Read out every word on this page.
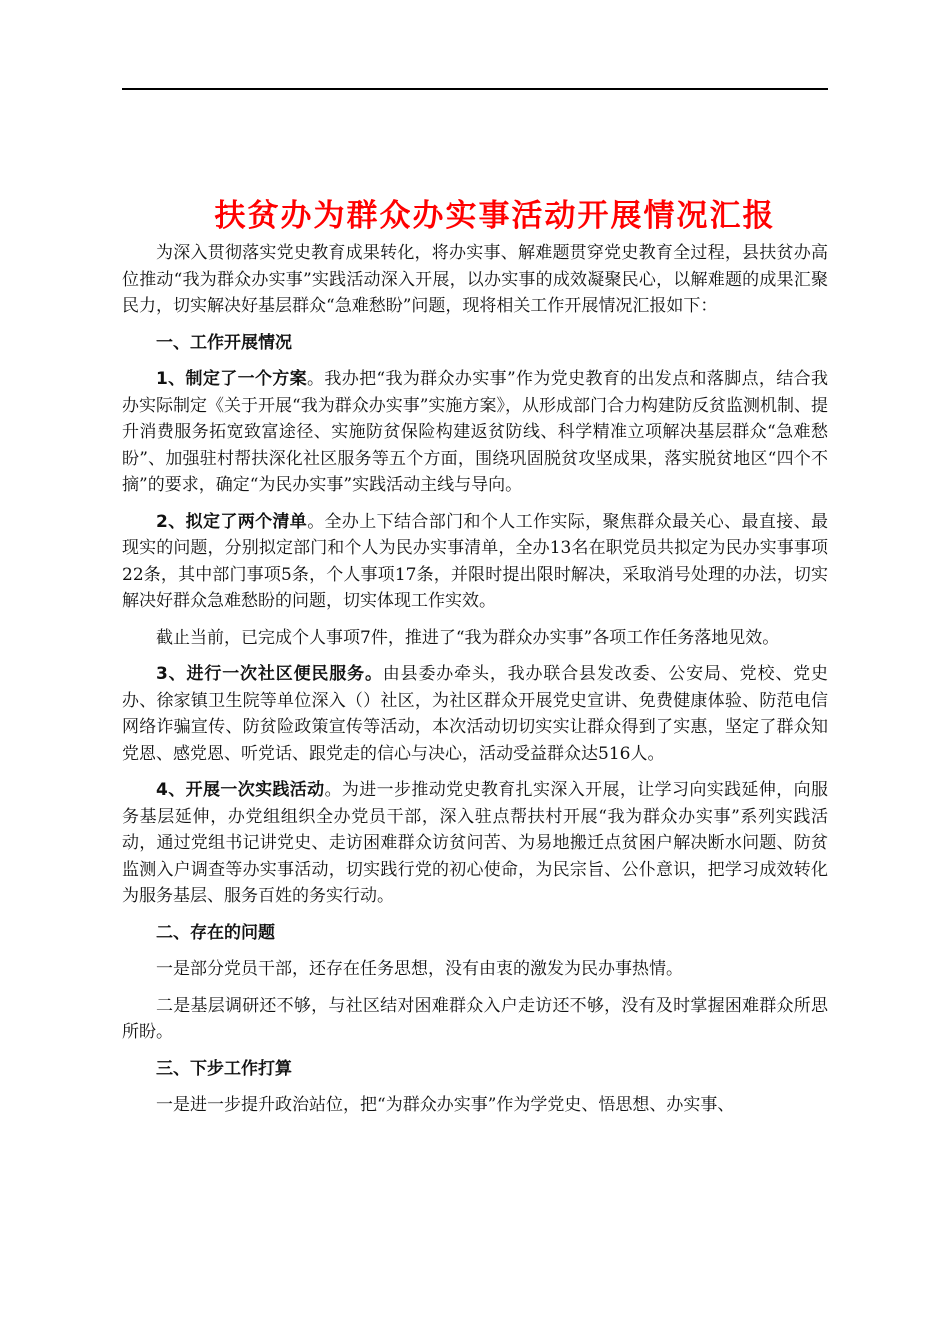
扶贫办为群众办实事活动开展情况汇报

为深入贯彻落实党史教育成果转化，将办实事、解难题贯穿党史教育全过程，县扶贫办高位推动“我为群众办实事”实践活动深入开展，以办实事的成效凝聚民心，以解难题的成果汇聚民力，切实解决好基层群众“急难愁盼”问题，现将相关工作开展情况汇报如下：

一、工作开展情况

1、制定了一个方案。我办把“我为群众办实事”作为党史教育的出发点和落脚点，结合我办实际制定《关于开展“我为群众办实事”实施方案》，从形成部门合力构建防反贫监测机制、提升消费服务拓宽致富途径、实施防贫保险构建返贫防线、科学精准立项解决基层群众“急难愁盼”、加强驻村帮扶深化社区服务等五个方面，围绕巩固脱贫攻坚成果，落实脱贫地区“四个不摘”的要求，确定“为民办实事”实践活动主线与导向。

2、拟定了两个清单。全办上下结合部门和个人工作实际，聚焦群众最关心、最直接、最现实的问题，分别拟定部门和个人为民办实事清单，全办13名在职党员共拟定为民办实事事项22条，其中部门事项5条，个人事项17条，并限时提出限时解决，采取消号处理的办法，切实解决好群众急难愁盼的问题，切实体现工作实效。

截止当前，已完成个人事项7件，推进了“我为群众办实事”各项工作任务落地见效。

3、进行一次社区便民服务。由县委办牵头，我办联合县发改委、公安局、党校、党史办、徐家镇卫生院等单位深入（）社区，为社区群众开展党史宣讲、免费健康体验、防范电信网络诈骗宣传、防贫险政策宣传等活动，本次活动切切实实让群众得到了实惠，坚定了群众知党恩、感党恩、听党话、跟党走的信心与决心，活动受益群众达516人。

4、开展一次实践活动。为进一步推动党史教育扎实深入开展，让学习向实践延伸，向服务基层延伸，办党组组织全办党员干部，深入驻点帮扶村开展“我为群众办实事”系列实践活动，通过党组书记讲党史、走访困难群众访贫问苦、为易地搬迁点贫困户解决断水问题、防贫监测入户调查等办实事活动，切实践行党的初心使命，为民宗旨、公仆意识，把学习成效转化为服务基层、服务百姓的务实行动。

二、存在的问题

一是部分党员干部，还存在任务思想，没有由衷的激发为民办事热情。

二是基层调研还不够，与社区结对困难群众入户走访还不够，没有及时掌握困难群众所思所盼。

三、下步工作打算

一是进一步提升政治站位，把“为群众办实事”作为学党史、悟思想、办实事、
